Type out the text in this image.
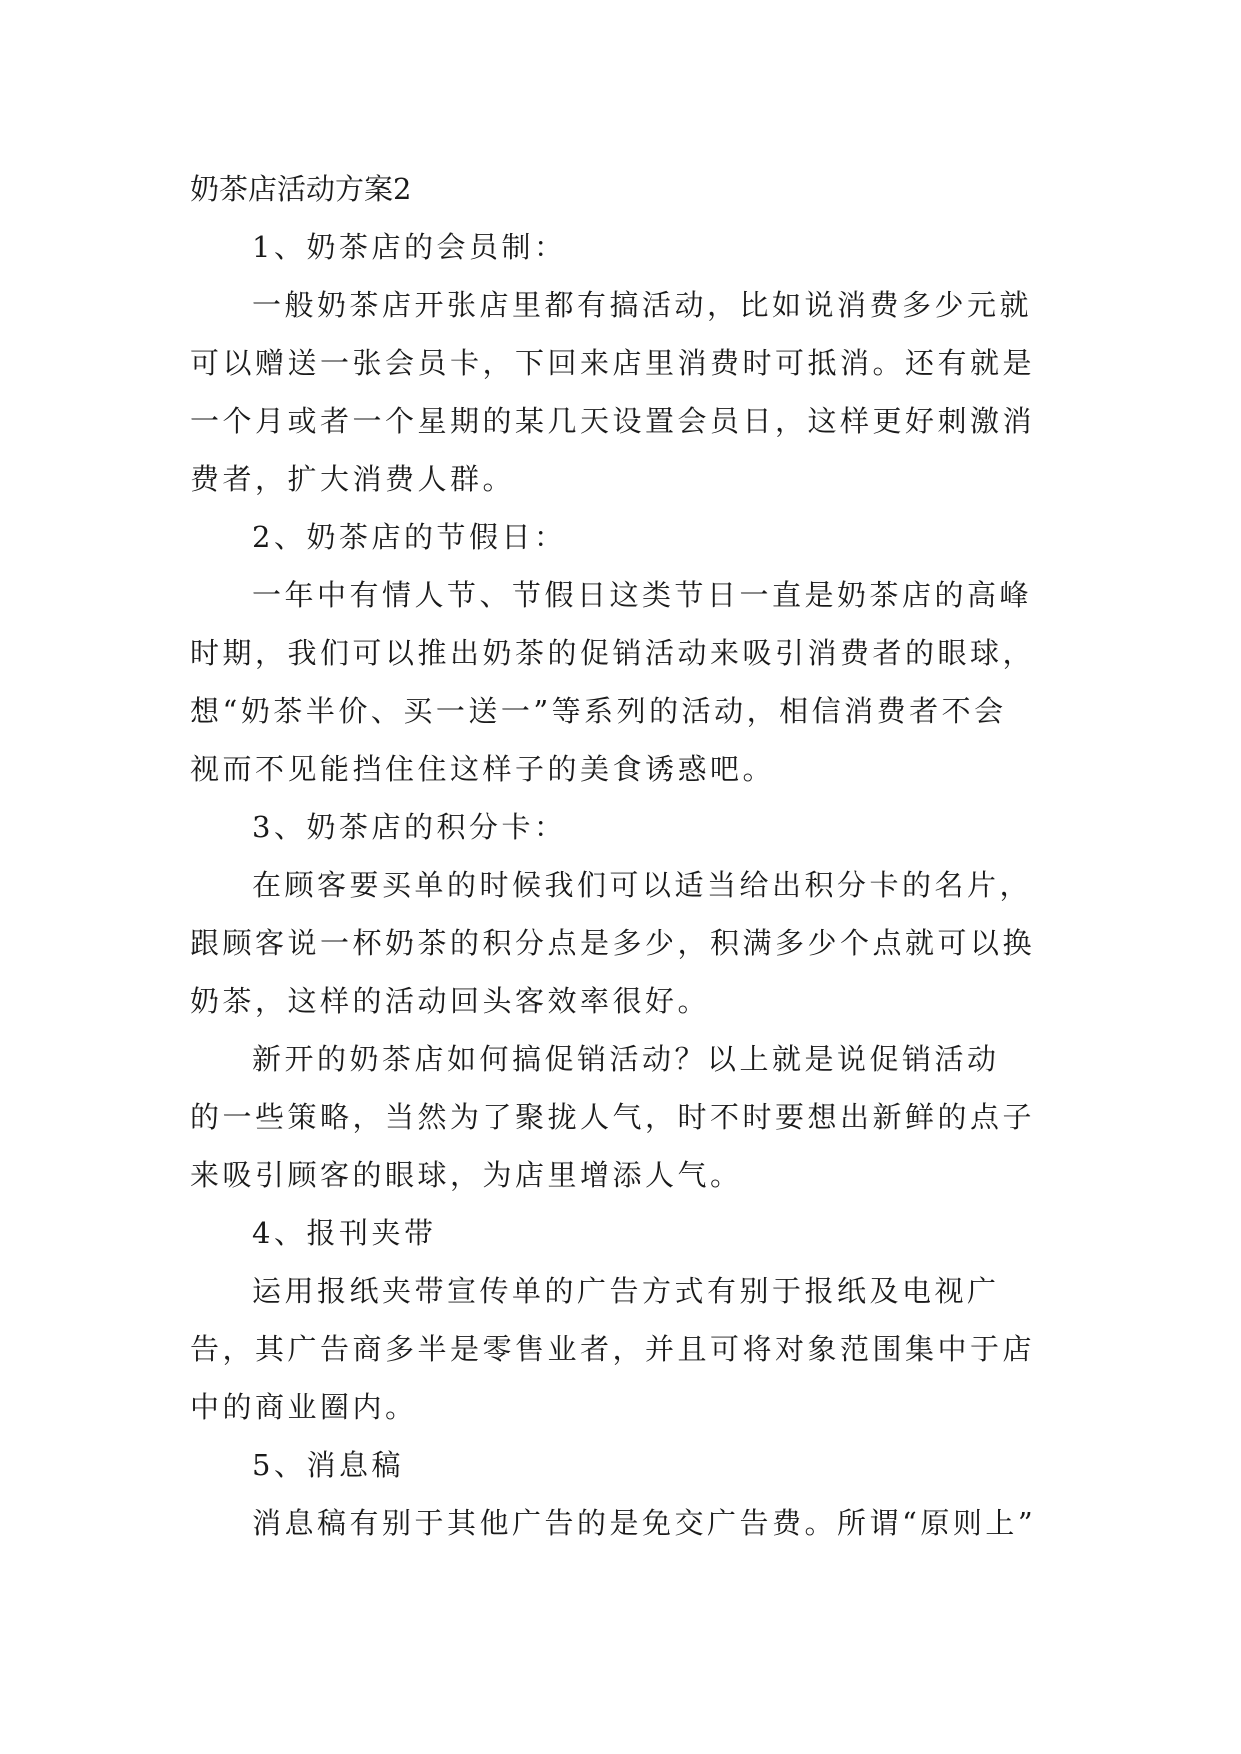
奶茶店活动方案2
1、奶茶店的会员制：
一般奶茶店开张店里都有搞活动，比如说消费多少元就
可以赠送一张会员卡，下回来店里消费时可抵消。还有就是
一个月或者一个星期的某几天设置会员日，这样更好刺激消
费者，扩大消费人群。
2、奶茶店的节假日：
一年中有情人节、节假日这类节日一直是奶茶店的高峰
时期，我们可以推出奶茶的促销活动来吸引消费者的眼球，
想“奶茶半价、买一送一”等系列的活动，相信消费者不会
视而不见能挡住住这样子的美食诱惑吧。
3、奶茶店的积分卡：
在顾客要买单的时候我们可以适当给出积分卡的名片，
跟顾客说一杯奶茶的积分点是多少，积满多少个点就可以换
奶茶，这样的活动回头客效率很好。
新开的奶茶店如何搞促销活动？以上就是说促销活动
的一些策略，当然为了聚拢人气，时不时要想出新鲜的点子
来吸引顾客的眼球，为店里增添人气。
4、报刊夹带
运用报纸夹带宣传单的广告方式有别于报纸及电视广
告，其广告商多半是零售业者，并且可将对象范围集中于店
中的商业圈内。
5、消息稿
消息稿有别于其他广告的是免交广告费。所谓“原则上”
